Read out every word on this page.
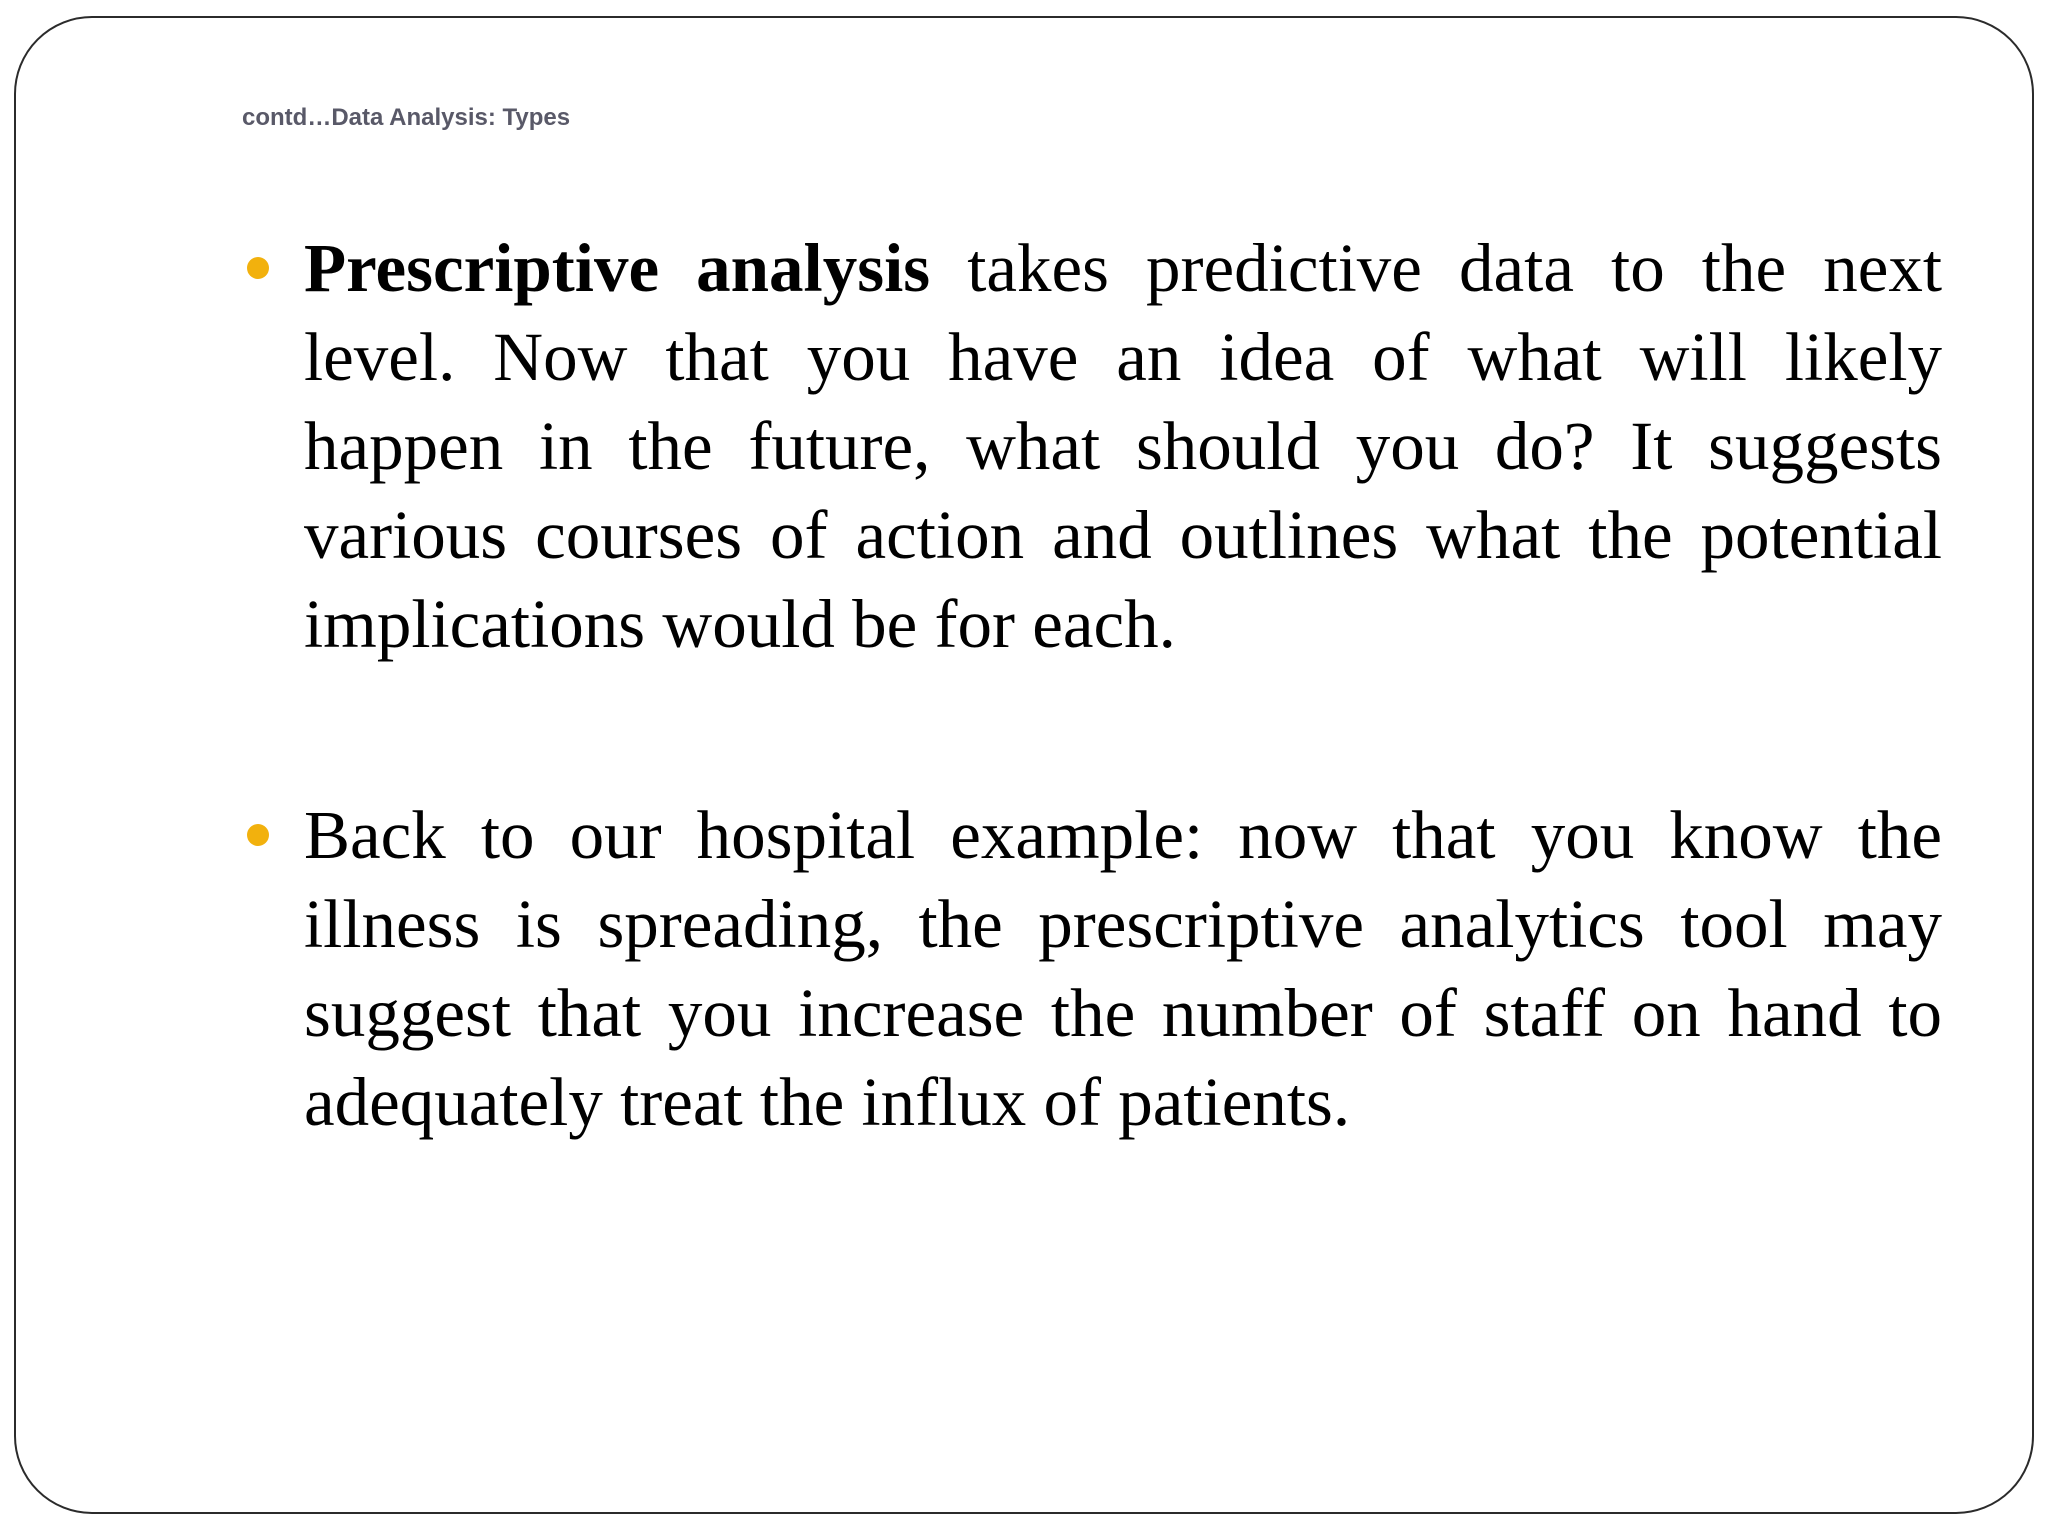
contd…Data Analysis: Types
Prescriptive analysis takes predictive data to the next level. Now that you have an idea of what will likely happen in the future, what should you do? It suggests various courses of action and outlines what the potential implications would be for each.
Back to our hospital example: now that you know the illness is spreading, the prescriptive analytics tool may suggest that you increase the number of staff on hand to adequately treat the influx of patients.
